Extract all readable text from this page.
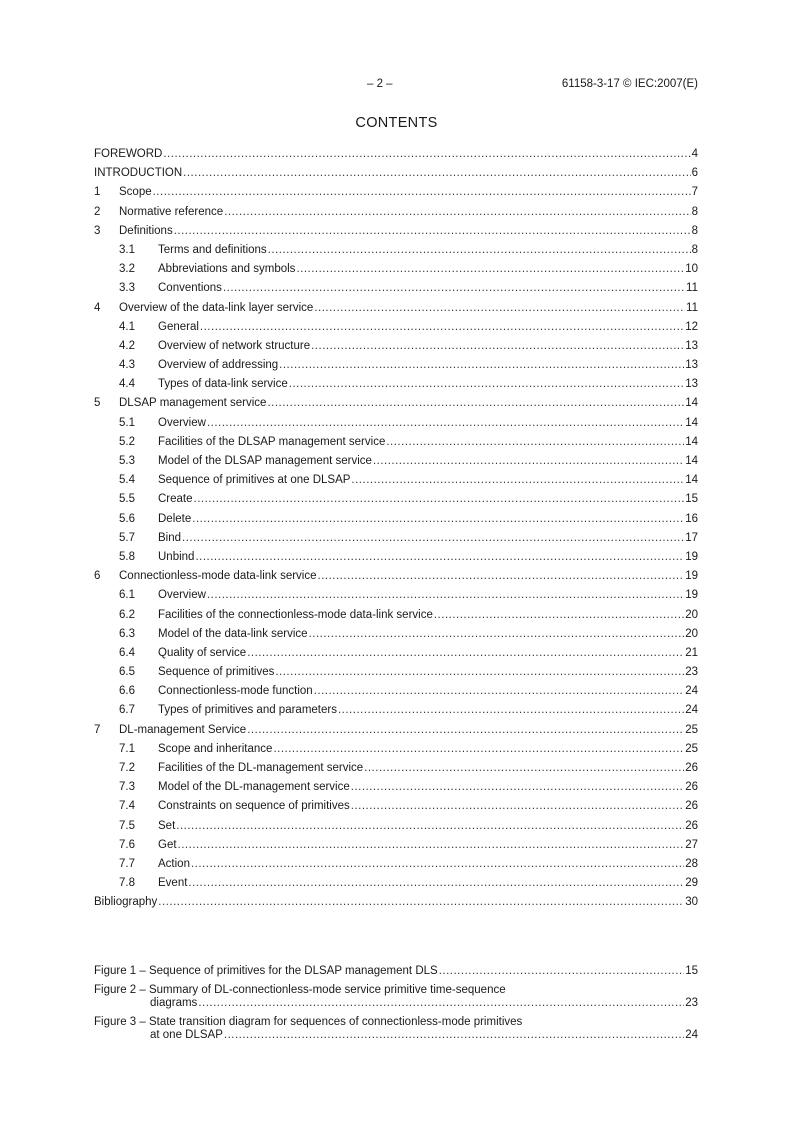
– 2 –	61158-3-17 © IEC:2007(E)
CONTENTS
FOREWORD .....	4
INTRODUCTION .....	6
1	Scope .....	7
2	Normative reference .....	8
3	Definitions .....	8
3.1	Terms and definitions .....	8
3.2	Abbreviations and symbols .....	10
3.3	Conventions .....	11
4	Overview of the data-link layer service .....	11
4.1	General .....	12
4.2	Overview of network structure .....	13
4.3	Overview of addressing .....	13
4.4	Types of data-link service .....	13
5	DLSAP management service .....	14
5.1	Overview .....	14
5.2	Facilities of the DLSAP management service .....	14
5.3	Model of the DLSAP management service .....	14
5.4	Sequence of primitives at one DLSAP .....	14
5.5	Create .....	15
5.6	Delete .....	16
5.7	Bind .....	17
5.8	Unbind .....	19
6	Connectionless-mode data-link service .....	19
6.1	Overview .....	19
6.2	Facilities of the connectionless-mode data-link service .....	20
6.3	Model of the data-link service .....	20
6.4	Quality of service .....	21
6.5	Sequence of primitives .....	23
6.6	Connectionless-mode function .....	24
6.7	Types of primitives and parameters .....	24
7	DL-management Service .....	25
7.1	Scope and inheritance .....	25
7.2	Facilities of the DL-management service .....	26
7.3	Model of the DL-management service .....	26
7.4	Constraints on sequence of primitives .....	26
7.5	Set .....	26
7.6	Get .....	27
7.7	Action .....	28
7.8	Event .....	29
Bibliography .....	30
Figure 1 – Sequence of primitives for the DLSAP management DLS .....	15
Figure 2 – Summary of DL-connectionless-mode service primitive time-sequence
diagrams .....	23
Figure 3 – State transition diagram for sequences of connectionless-mode primitives
at one DLSAP .....	24
